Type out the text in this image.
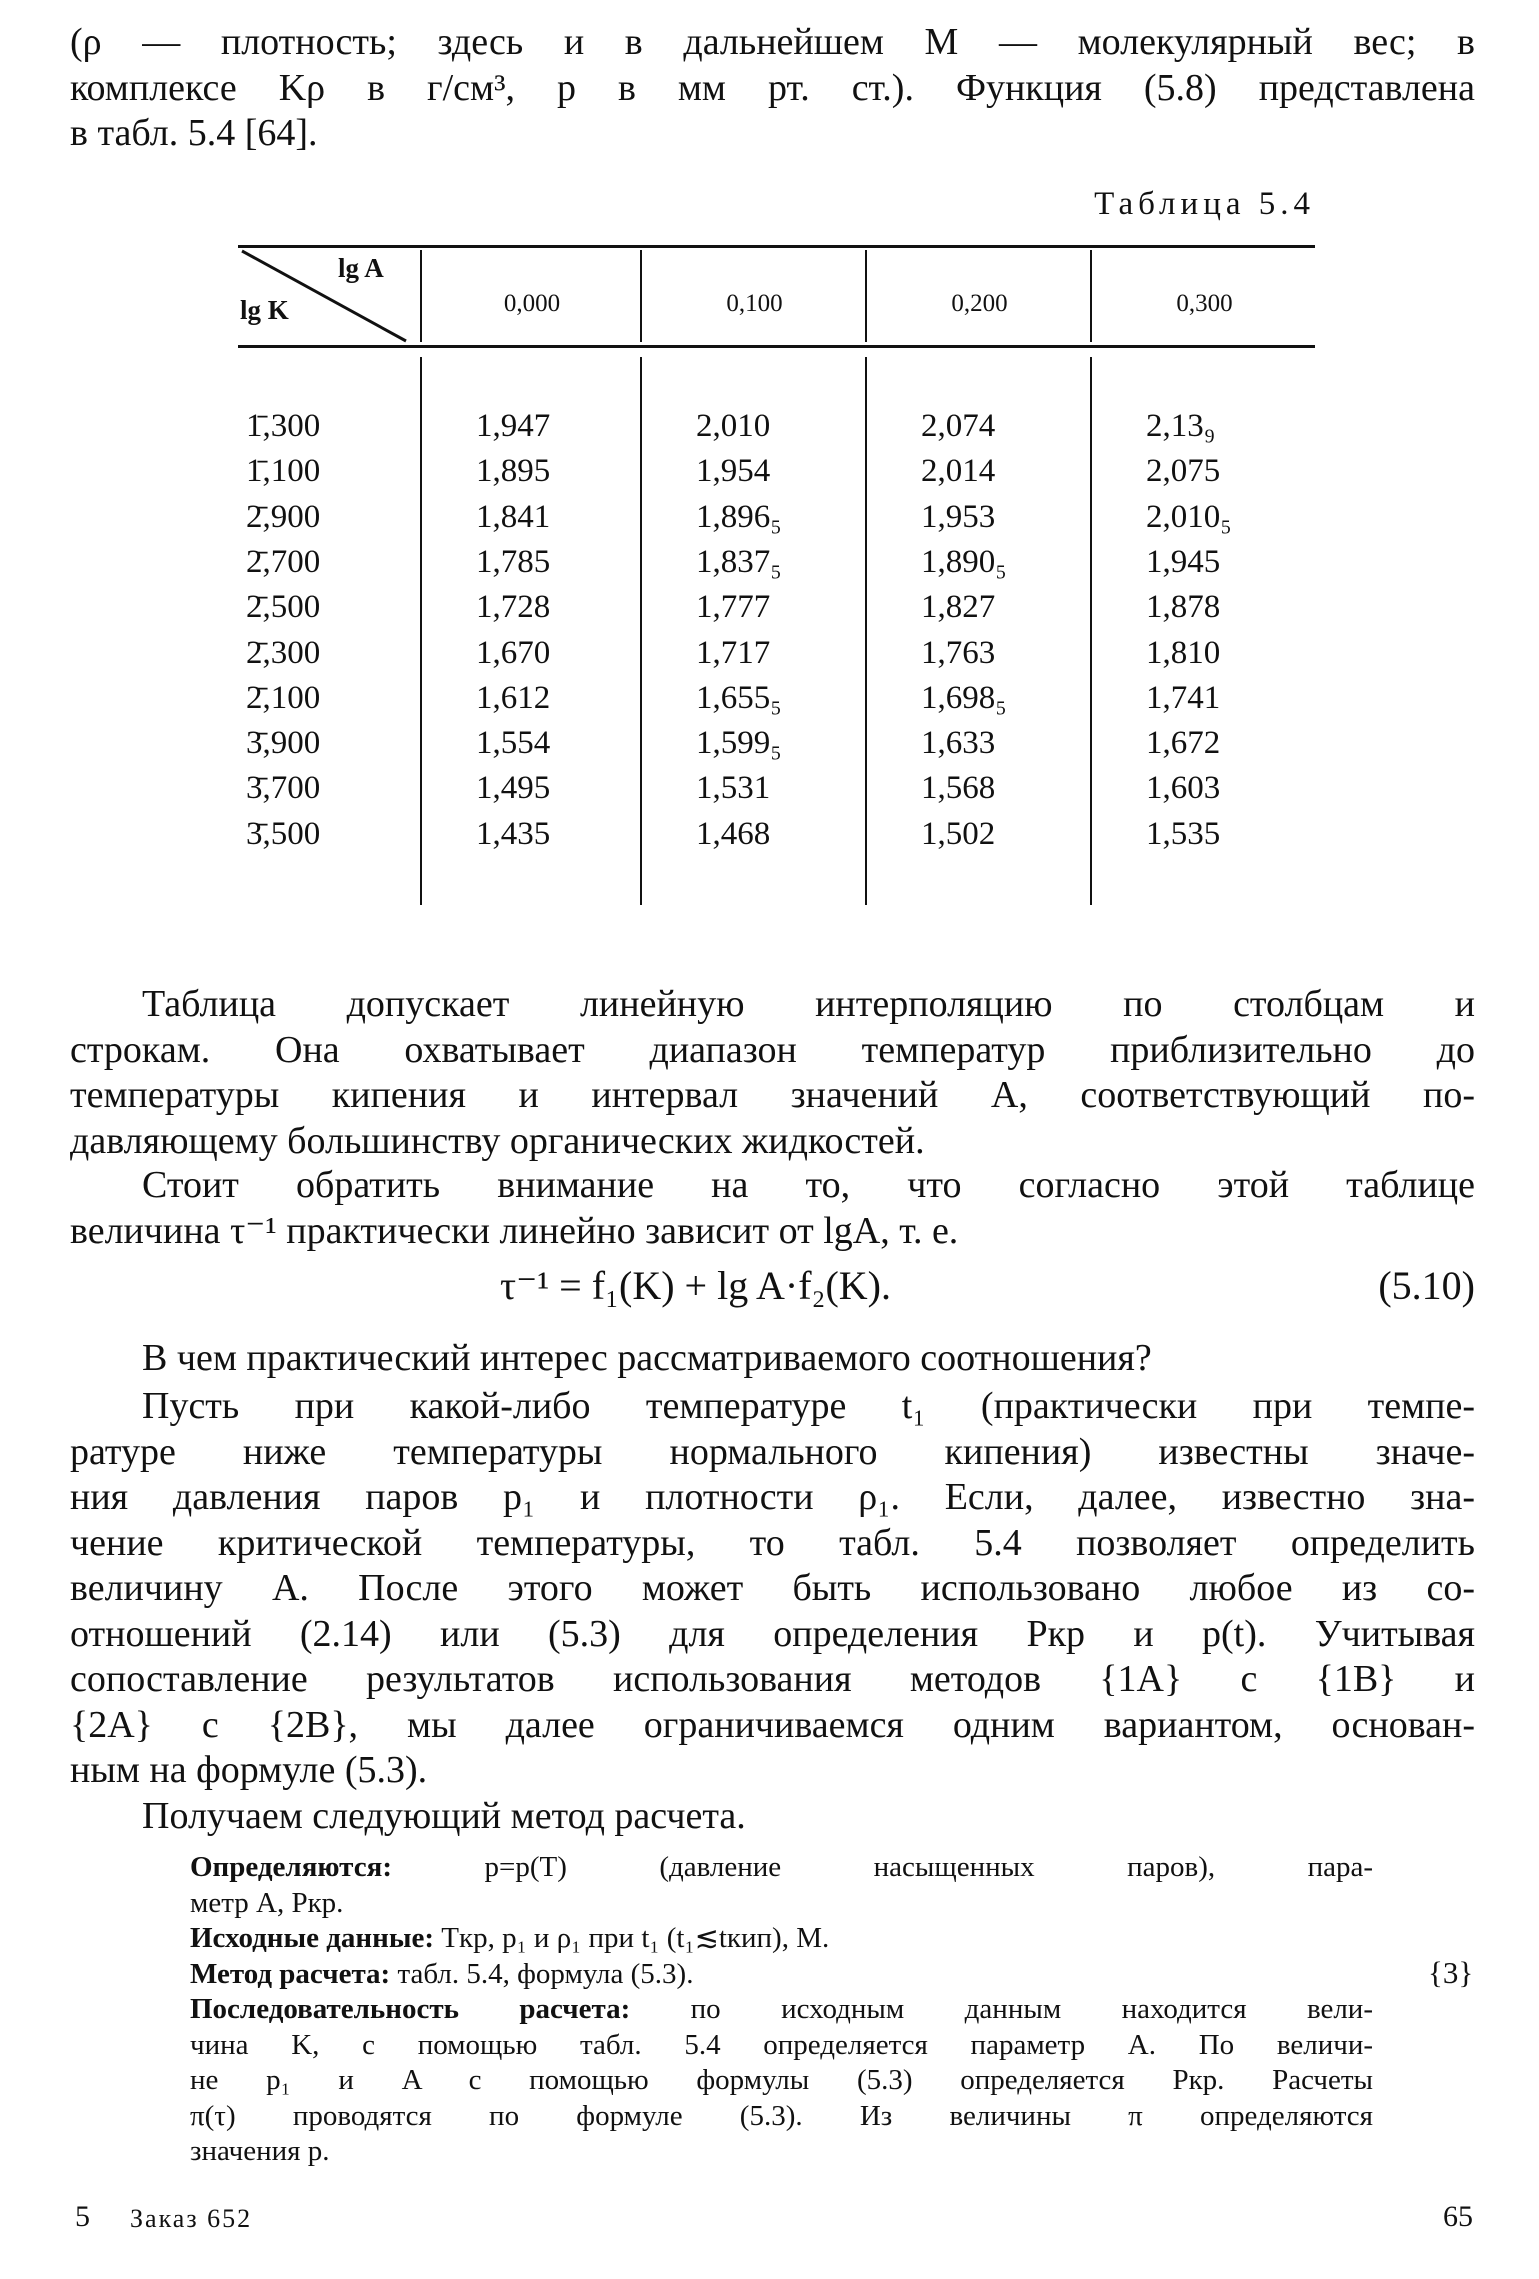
(ρ — плотность; здесь и в дальнейшем M — молекулярный вес; в
комплексе Kρ в г/см³, p в мм рт. ст.). Функция (5.8) представлена
в табл. 5.4 [64].
Таблица 5.4
lg A
lg K	0,000	0,100	0,200	0,300
1̄,300	1,947	2,010	2,074	2,13₉
1̄,100	1,895	1,954	2,014	2,075
2̄,900	1,841	1,896₅	1,953	2,010₅
2̄,700	1,785	1,837₅	1,890₅	1,945
2̄,500	1,728	1,777	1,827	1,878
2̄,300	1,670	1,717	1,763	1,810
2̄,100	1,612	1,655₅	1,698₅	1,741
3̄,900	1,554	1,599₅	1,633	1,672
3̄,700	1,495	1,531	1,568	1,603
3̄,500	1,435	1,468	1,502	1,535
Таблица допускает линейную интерполяцию по столбцам и
строкам. Она охватывает диапазон температур приблизительно до
температуры кипения и интервал значений A, соответствующий по-
давляющему большинству органических жидкостей.
Стоит обратить внимание на то, что согласно этой таблице
величина τ⁻¹ практически линейно зависит от lgA, т. е.
τ⁻¹ = f₁(K) + lg A·f₂(K).	(5.10)
В чем практический интерес рассматриваемого соотношения?
Пусть при какой-либо температуре t₁ (практически при темпе-
ратуре ниже температуры нормального кипения) известны значе-
ния давления паров p₁ и плотности ρ₁. Если, далее, известно зна-
чение критической температуры, то табл. 5.4 позволяет определить
величину A. После этого может быть использовано любое из со-
отношений (2.14) или (5.3) для определения Pкр и p(t). Учитывая
сопоставление результатов использования методов {1A} с {1B} и
{2A} с {2B}, мы далее ограничиваемся одним вариантом, основан-
ным на формуле (5.3).
Получаем следующий метод расчета.
Определяются:	p=p(T) (давление насыщенных паров), пара-
метр A, Pкр.
Исходные данные: Tкр, p₁ и ρ₁ при t₁ (t₁≲tкип), M.
Метод расчета: табл. 5.4, формула (5.3).
Последовательность расчета: по исходным данным находится вели-
чина K, с помощью табл. 5.4 определяется параметр A. По величи-
не p₁ и A с помощью формулы (5.3) определяется Pкр. Расчеты
π(τ) проводятся по формуле (5.3). Из величины π определяются
значения p.
{3}
5 Заказ 652	65
